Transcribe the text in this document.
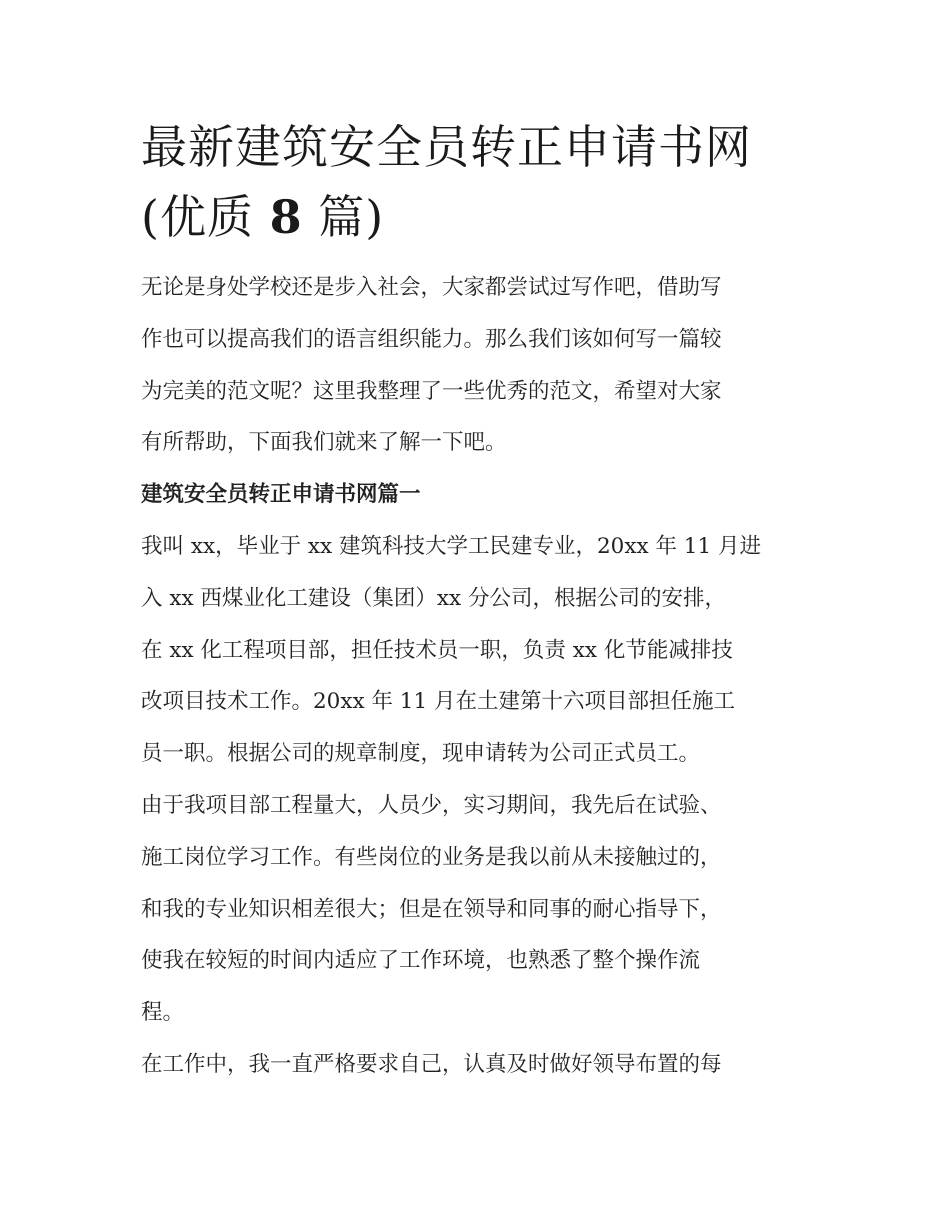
最新建筑安全员转正申请书网
(优质 8 篇)

无论是身处学校还是步入社会，大家都尝试过写作吧，借助写
作也可以提高我们的语言组织能力。那么我们该如何写一篇较
为完美的范文呢？这里我整理了一些优秀的范文，希望对大家
有所帮助，下面我们就来了解一下吧。

建筑安全员转正申请书网篇一

我叫 xx，毕业于 xx 建筑科技大学工民建专业，20xx 年 11 月进
入 xx 西煤业化工建设（集团）xx 分公司，根据公司的安排，
在 xx 化工程项目部，担任技术员一职，负责 xx 化节能减排技
改项目技术工作。20xx 年 11 月在土建第十六项目部担任施工
员一职。根据公司的规章制度，现申请转为公司正式员工。

由于我项目部工程量大，人员少，实习期间，我先后在试验、
施工岗位学习工作。有些岗位的业务是我以前从未接触过的，
和我的专业知识相差很大；但是在领导和同事的耐心指导下，
使我在较短的时间内适应了工作环境，也熟悉了整个操作流
程。

在工作中，我一直严格要求自己，认真及时做好领导布置的每
